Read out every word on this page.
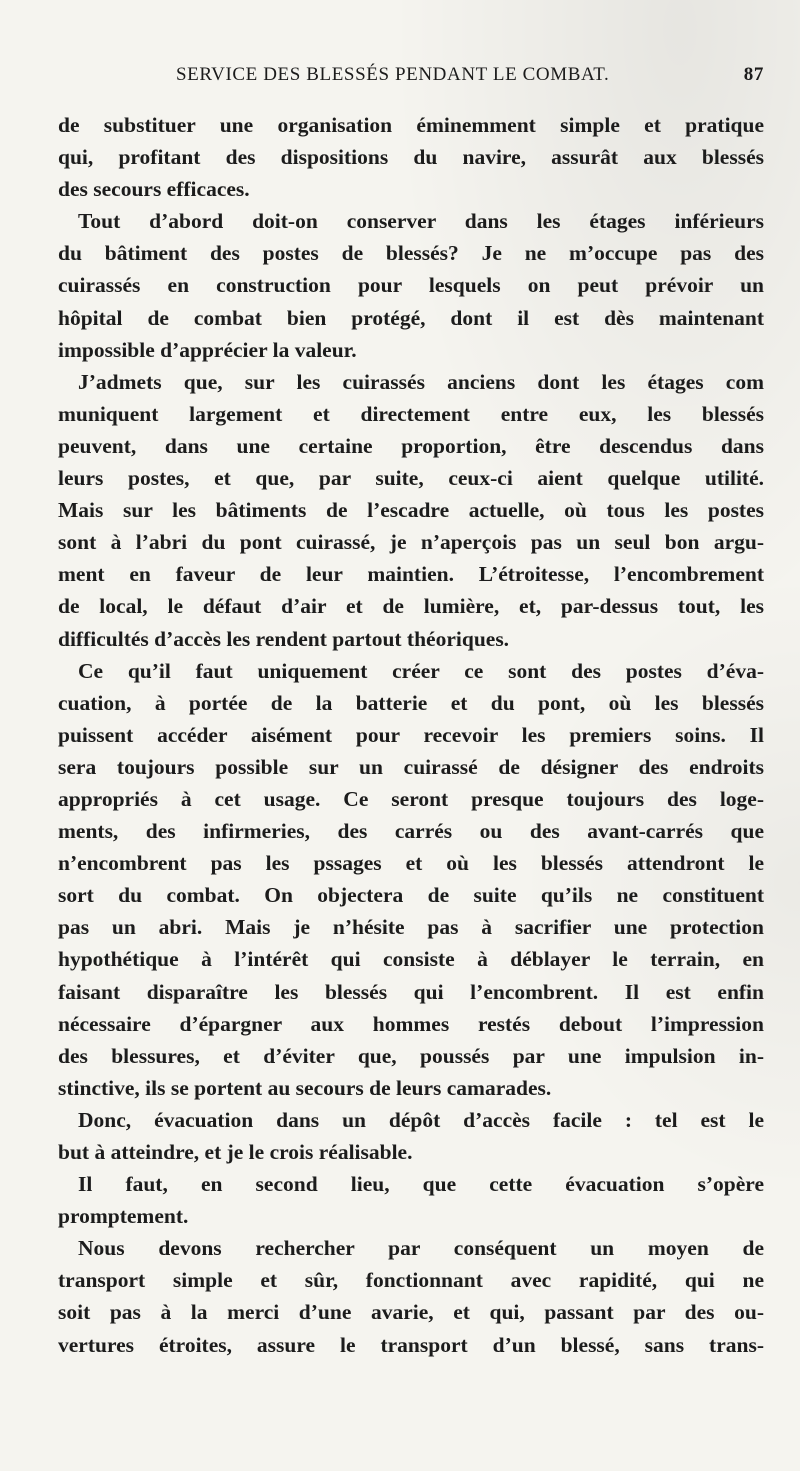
SERVICE DES BLESSÉS PENDANT LE COMBAT.	87
de substituer une organisation éminemment simple et pratique
qui, profitant des dispositions du navire, assurât aux blessés
des secours efficaces.
Tout d’abord doit-on conserver dans les étages inférieurs
du bâtiment des postes de blessés? Je ne m’occupe pas des
cuirassés en construction pour lesquels on peut prévoir un
hôpital de combat bien protégé, dont il est dès maintenant
impossible d’apprécier la valeur.
J’admets que, sur les cuirassés anciens dont les étages com
muniquent largement et directement entre eux, les blessés
peuvent, dans une certaine proportion, être descendus dans
leurs postes, et que, par suite, ceux-ci aient quelque utilité.
Mais sur les bâtiments de l’escadre actuelle, où tous les postes
sont à l’abri du pont cuirassé, je n’aperçois pas un seul bon argu-
ment en faveur de leur maintien. L’étroitesse, l’encombrement
de local, le défaut d’air et de lumière, et, par-dessus tout, les
difficultés d’accès les rendent partout théoriques.
Ce qu’il faut uniquement créer ce sont des postes d’éva-
cuation, à portée de la batterie et du pont, où les blessés
puissent accéder aisément pour recevoir les premiers soins. Il
sera toujours possible sur un cuirassé de désigner des endroits
appropriés à cet usage. Ce seront presque toujours des loge-
ments, des infirmeries, des carrés ou des avant-carrés que
n’encombrent pas les pssages et où les blessés attendront le
sort du combat. On objectera de suite qu’ils ne constituent
pas un abri. Mais je n’hésite pas à sacrifier une protection
hypothétique à l’intérêt qui consiste à déblayer le terrain, en
faisant disparaître les blessés qui l’encombrent. Il est enfin
nécessaire d’épargner aux hommes restés debout l’impression
des blessures, et d’éviter que, poussés par une impulsion in-
stinctive, ils se portent au secours de leurs camarades.
Donc, évacuation dans un dépôt d’accès facile : tel est le
but à atteindre, et je le crois réalisable.
Il faut, en second lieu, que cette évacuation s’opère
promptement.
Nous devons rechercher par conséquent un moyen de
transport simple et sûr, fonctionnant avec rapidité, qui ne
soit pas à la merci d’une avarie, et qui, passant par des ou-
vertures étroites, assure le transport d’un blessé, sans trans-
